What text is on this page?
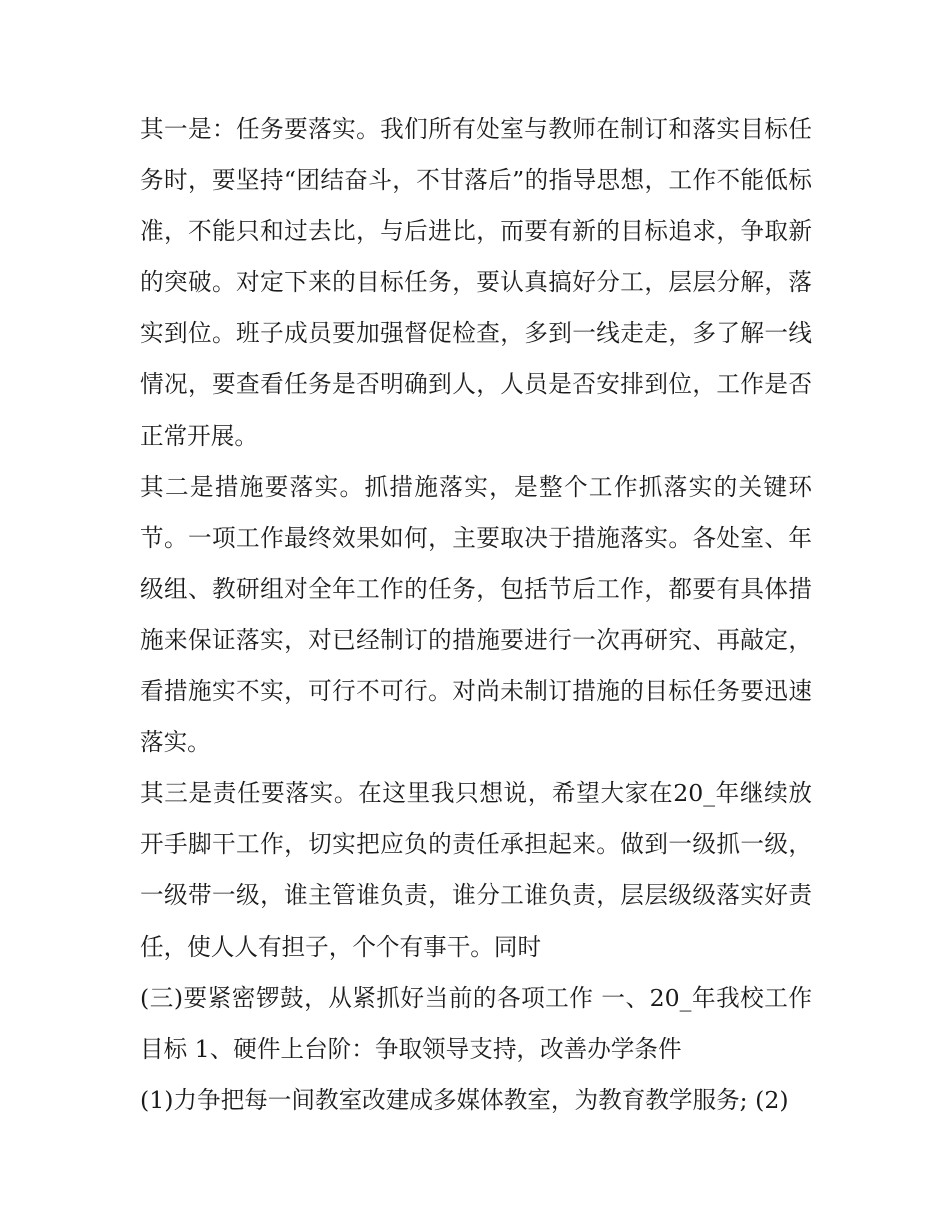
其一是：任务要落实。我们所有处室与教师在制订和落实目标任务时，要坚持“团结奋斗，不甘落后”的指导思想，工作不能低标准，不能只和过去比，与后进比，而要有新的目标追求，争取新的突破。对定下来的目标任务，要认真搞好分工，层层分解，落实到位。班子成员要加强督促检查，多到一线走走，多了解一线情况，要查看任务是否明确到人，人员是否安排到位，工作是否正常开展。

其二是措施要落实。抓措施落实，是整个工作抓落实的关键环节。一项工作最终效果如何，主要取决于措施落实。各处室、年级组、教研组对全年工作的任务，包括节后工作，都要有具体措施来保证落实，对已经制订的措施要进行一次再研究、再敲定，看措施实不实，可行不可行。对尚未制订措施的目标任务要迅速落实。

其三是责任要落实。在这里我只想说，希望大家在20_年继续放开手脚干工作，切实把应负的责任承担起来。做到一级抓一级，一级带一级，谁主管谁负责，谁分工谁负责，层层级级落实好责任，使人人有担子，个个有事干。同时

(三)要紧密锣鼓，从紧抓好当前的各项工作 一、20_年我校工作目标 1、硬件上台阶：争取领导支持，改善办学条件

(1)力争把每一间教室改建成多媒体教室，为教育教学服务; (2)
